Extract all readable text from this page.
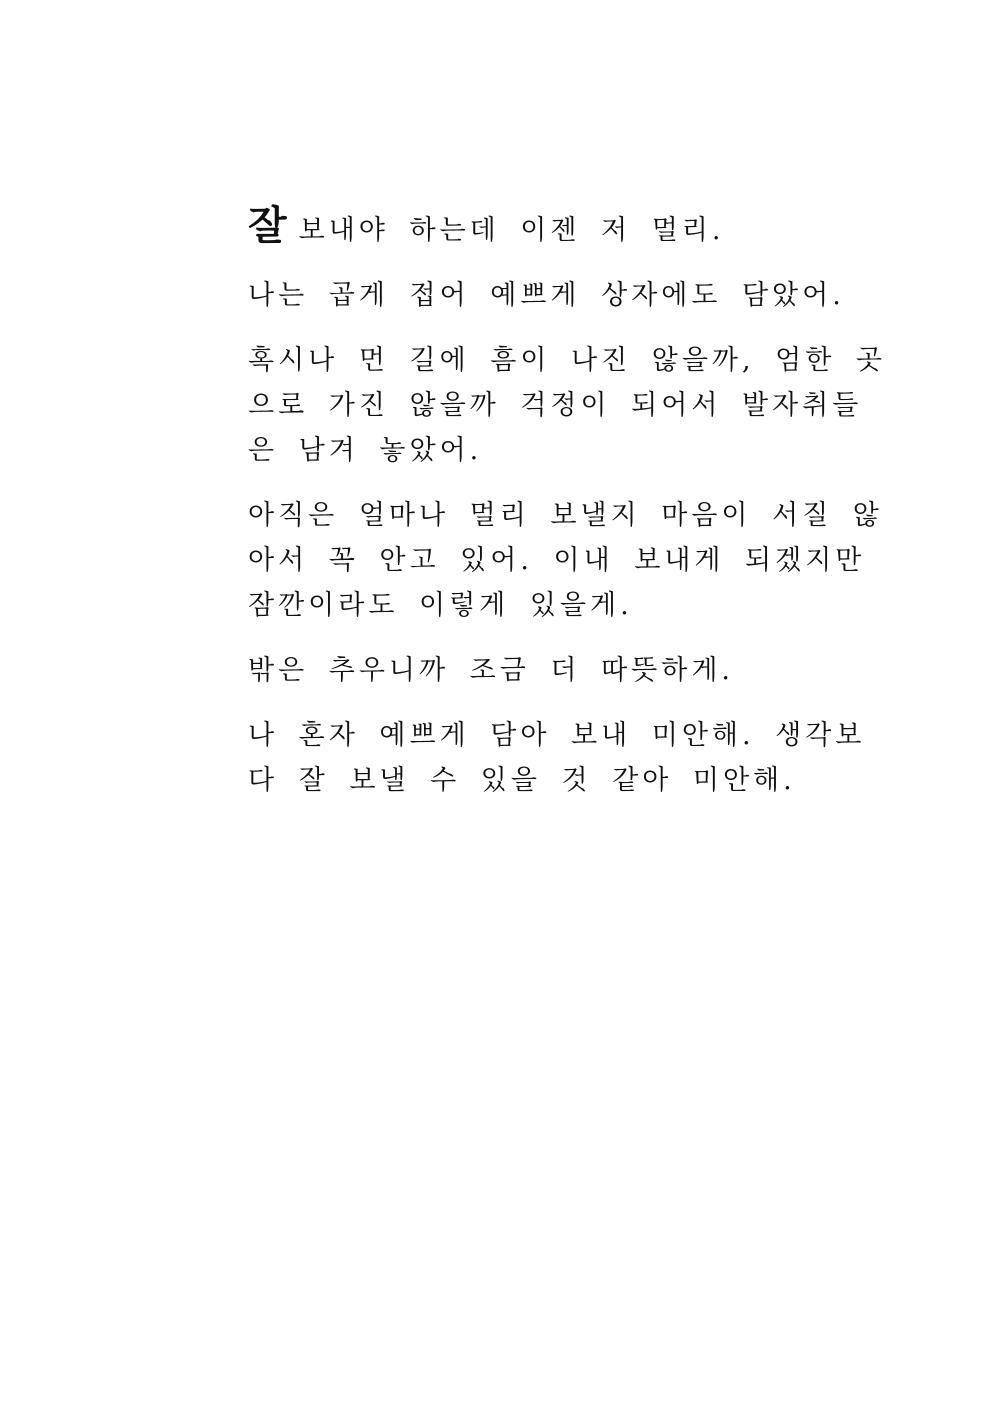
잘 보내야 하는데 이젠 저 멀리.

나는 곱게 접어 예쁘게 상자에도 담았어.

혹시나 먼 길에 흠이 나진 않을까, 엄한 곳
으로 가진 않을까 걱정이 되어서 발자취들
은 남겨 놓았어.

아직은 얼마나 멀리 보낼지 마음이 서질 않
아서 꼭 안고 있어. 이내 보내게 되겠지만
잠깐이라도 이렇게 있을게.

밖은 추우니까 조금 더 따뜻하게.

나 혼자 예쁘게 담아 보내 미안해. 생각보
다 잘 보낼 수 있을 것 같아 미안해.
